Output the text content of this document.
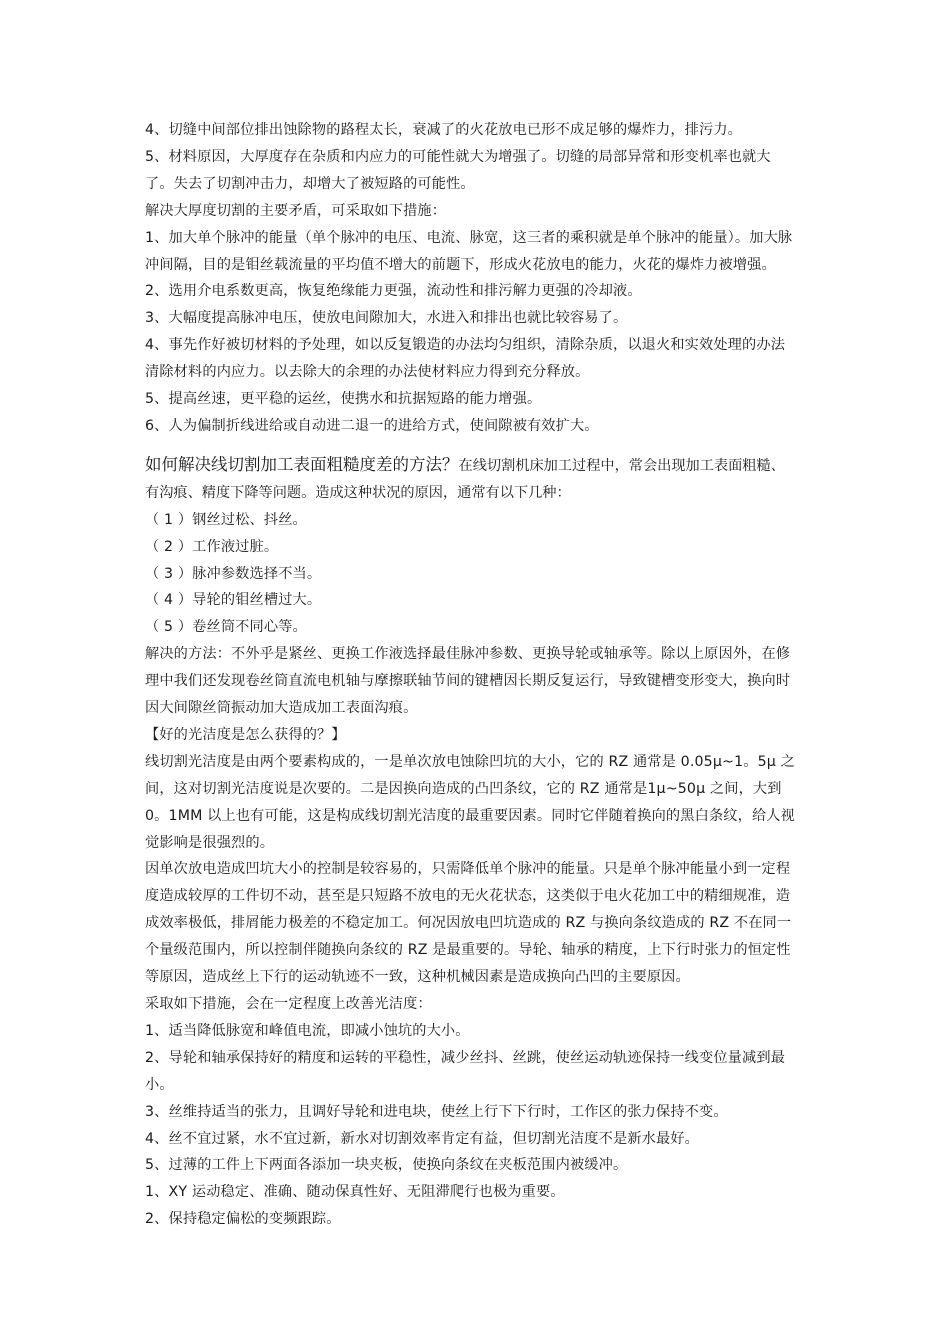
4、切缝中间部位排出蚀除物的路程太长，衰减了的火花放电已形不成足够的爆炸力，排污力。

5、材料原因，大厚度存在杂质和内应力的可能性就大为增强了。切缝的局部异常和形变机率也就大了。失去了切割冲击力，却增大了被短路的可能性。

解决大厚度切割的主要矛盾，可采取如下措施：

1、加大单个脉冲的能量（单个脉冲的电压、电流、脉宽，这三者的乘积就是单个脉冲的能量）。加大脉冲间隔，目的是钼丝载流量的平均值不增大的前题下，形成火花放电的能力，火花的爆炸力被增强。

2、选用介电系数更高，恢复绝缘能力更强，流动性和排污解力更强的冷却液。

3、大幅度提高脉冲电压，使放电间隙加大，水进入和排出也就比较容易了。

4、事先作好被切材料的予处理，如以反复锻造的办法均匀组织，清除杂质，以退火和实效处理的办法清除材料的内应力。以去除大的余理的办法使材料应力得到充分释放。

5、提高丝速，更平稳的运丝，使携水和抗据短路的能力增强。

6、人为偏制折线进给或自动进二退一的进给方式，使间隙被有效扩大。

如何解决线切割加工表面粗糙度差的方法？在线切割机床加工过程中，常会出现加工表面粗糙、有沟痕、精度下降等问题。造成这种状况的原因，通常有以下几种：

（ 1 ）钢丝过松、抖丝。

（ 2 ）工作液过脏。

（ 3 ）脉冲参数选择不当。

（ 4 ）导轮的钼丝槽过大。

（ 5 ）卷丝筒不同心等。

解决的方法：不外乎是紧丝、更换工作液选择最佳脉冲参数、更换导轮或轴承等。除以上原因外，在修理中我们还发现卷丝筒直流电机轴与摩擦联轴节间的键槽因长期反复运行，导致键槽变形变大，换向时因大间隙丝筒振动加大造成加工表面沟痕。

【好的光洁度是怎么获得的？】

线切割光洁度是由两个要素构成的，一是单次放电蚀除凹坑的大小，它的 RZ 通常是 0.05μ~1。5μ 之间，这对切割光洁度说是次要的。二是因换向造成的凸凹条纹，它的 RZ 通常是1μ~50μ 之间，大到0。1MM 以上也有可能，这是构成线切割光洁度的最重要因素。同时它伴随着换向的黑白条纹，给人视觉影响是很强烈的。

因单次放电造成凹坑大小的控制是较容易的，只需降低单个脉冲的能量。只是单个脉冲能量小到一定程度造成较厚的工件切不动，甚至是只短路不放电的无火花状态，这类似于电火花加工中的精细规准，造成效率极低，排屑能力极差的不稳定加工。何况因放电凹坑造成的 RZ 与换向条纹造成的 RZ 不在同一个量级范围内，所以控制伴随换向条纹的 RZ 是最重要的。导轮、轴承的精度，上下行时张力的恒定性等原因，造成丝上下行的运动轨迹不一致，这种机械因素是造成换向凸凹的主要原因。

采取如下措施，会在一定程度上改善光洁度：

1、适当降低脉宽和峰值电流，即减小蚀坑的大小。

2、导轮和轴承保持好的精度和运转的平稳性，减少丝抖、丝跳，使丝运动轨迹保持一线变位量减到最小。

3、丝维持适当的张力，且调好导轮和进电块，使丝上行下下行时，工作区的张力保持不变。

4、丝不宜过紧，水不宜过新，新水对切割效率肯定有益，但切割光洁度不是新水最好。

5、过薄的工件上下两面各添加一块夹板，使换向条纹在夹板范围内被缓冲。

1、XY 运动稳定、准确、随动保真性好、无阻滞爬行也极为重要。

2、保持稳定偏松的变频跟踪。
